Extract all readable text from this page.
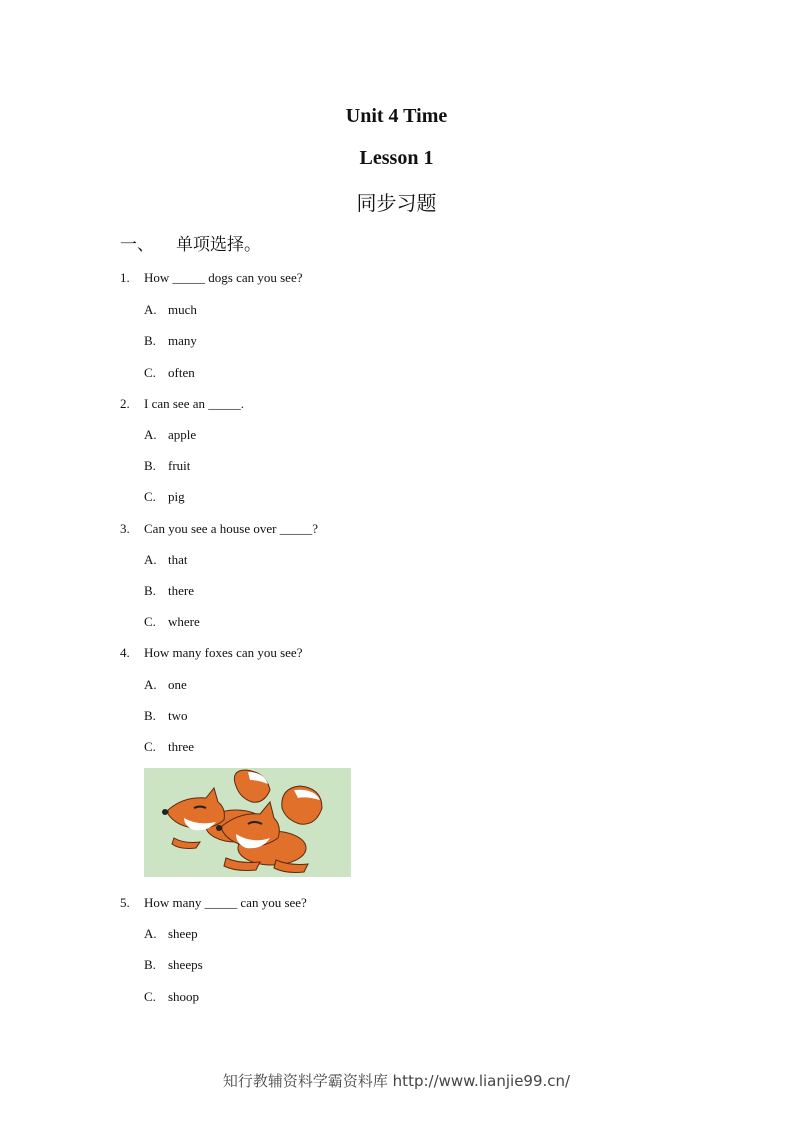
Unit 4 Time
Lesson 1
同步习题
一、 单项选择。
1. How _____ dogs can you see?
A. much
B. many
C. often
2. I can see an _____.
A. apple
B. fruit
C. pig
3. Can you see a house over _____?
A. that
B. there
C. where
4. How many foxes can you see?
A. one
B. two
C. three
5. How many _____ can you see?
A. sheep
B. sheeps
C. shoop
知行教辅资料学霸资料库 http://www.lianjie99.cn/
